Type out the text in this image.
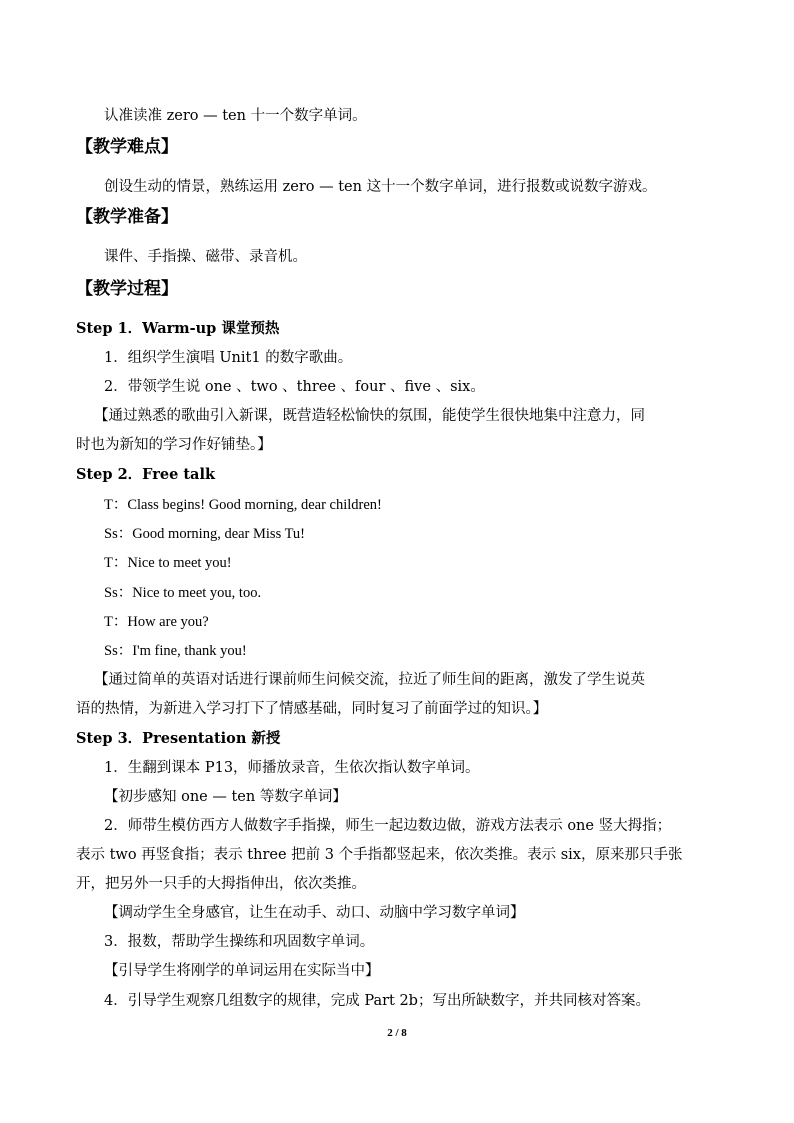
认准读准 zero — ten 十一个数字单词。
【教学难点】
创设生动的情景，熟练运用 zero — ten 这十一个数字单词，进行报数或说数字游戏。
【教学准备】
课件、手指操、磁带、录音机。
【教学过程】
Step 1．Warm-up 课堂预热
1．组织学生演唱 Unit1 的数字歌曲。
2．带领学生说 one 、two 、three 、four 、five 、six。
【通过熟悉的歌曲引入新课，既营造轻松愉快的氛围，能使学生很快地集中注意力，同
时也为新知的学习作好铺垫。】
Step 2．Free talk
T：Class begins! Good morning, dear children!
Ss：Good morning, dear Miss Tu!
T：Nice to meet you!
Ss：Nice to meet you, too.
T：How are you?
Ss：I'm fine, thank you!
【通过简单的英语对话进行课前师生问候交流，拉近了师生间的距离，激发了学生说英
语的热情，为新进入学习打下了情感基础，同时复习了前面学过的知识。】
Step 3．Presentation 新授
1．生翻到课本 P13，师播放录音，生依次指认数字单词。
【初步感知 one — ten 等数字单词】
2．师带生模仿西方人做数字手指操，师生一起边数边做，游戏方法表示 one 竖大拇指；
表示 two 再竖食指；表示 three 把前 3 个手指都竖起来，依次类推。表示 six，原来那只手张
开，把另外一只手的大拇指伸出，依次类推。
【调动学生全身感官，让生在动手、动口、动脑中学习数字单词】
3．报数，帮助学生操练和巩固数字单词。
【引导学生将刚学的单词运用在实际当中】
4．引导学生观察几组数字的规律，完成 Part 2b；写出所缺数字，并共同核对答案。
2 / 8
